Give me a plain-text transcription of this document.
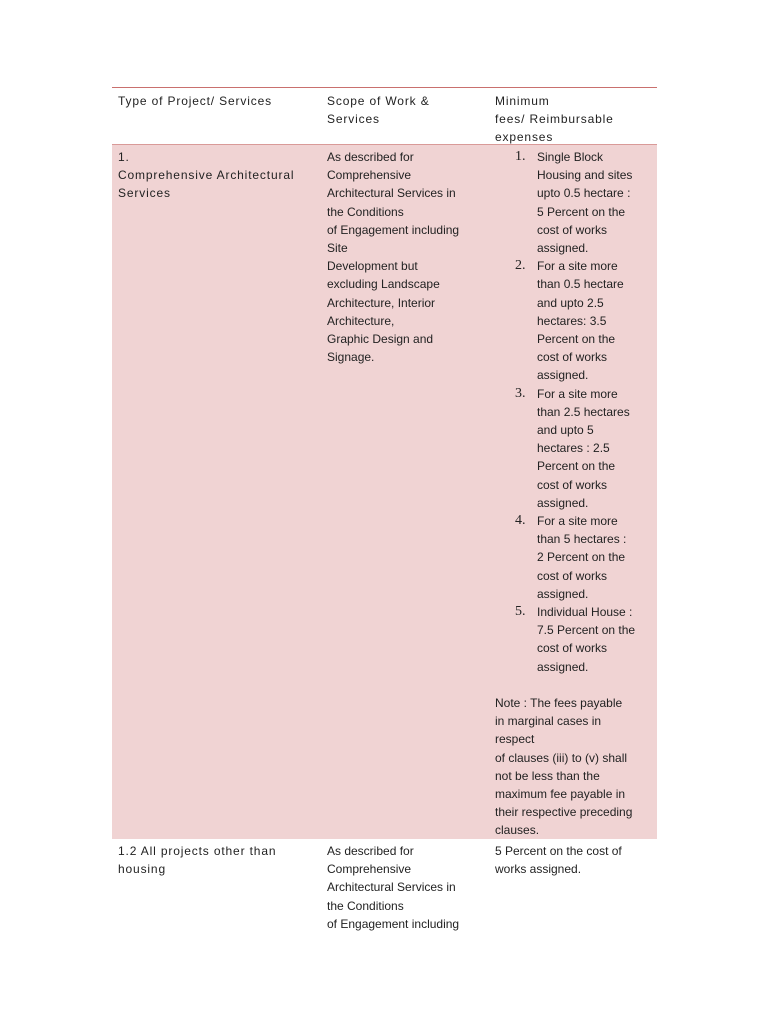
Type of Project/ Services	Scope of Work &
Services
Minimum
fees/ Reimbursable
expenses
1.
Comprehensive Architectural
Services
As described for
Comprehensive
Architectural Services in
the Conditions
of Engagement including
Site
Development but
excluding Landscape
Architecture, Interior
Architecture,
Graphic Design and
Signage.
1. Single Block
Housing and sites
upto 0.5 hectare :
5 Percent on the
cost of works
assigned.
2. For a site more
than 0.5 hectare
and upto 2.5
hectares: 3.5
Percent on the
cost of works
assigned.
3. For a site more
than 2.5 hectares
and upto 5
hectares : 2.5
Percent on the
cost of works
assigned.
4. For a site more
than 5 hectares :
2 Percent on the
cost of works
assigned.
5. Individual House :
7.5 Percent on the
cost of works
assigned.
Note : The fees payable
in marginal cases in
respect
of clauses (iii) to (v) shall
not be less than the
maximum fee payable in
their respective preceding
clauses.
1.2 All projects other than
housing
As described for
Comprehensive
Architectural Services in
the Conditions
of Engagement including
5 Percent on the cost of
works assigned.
